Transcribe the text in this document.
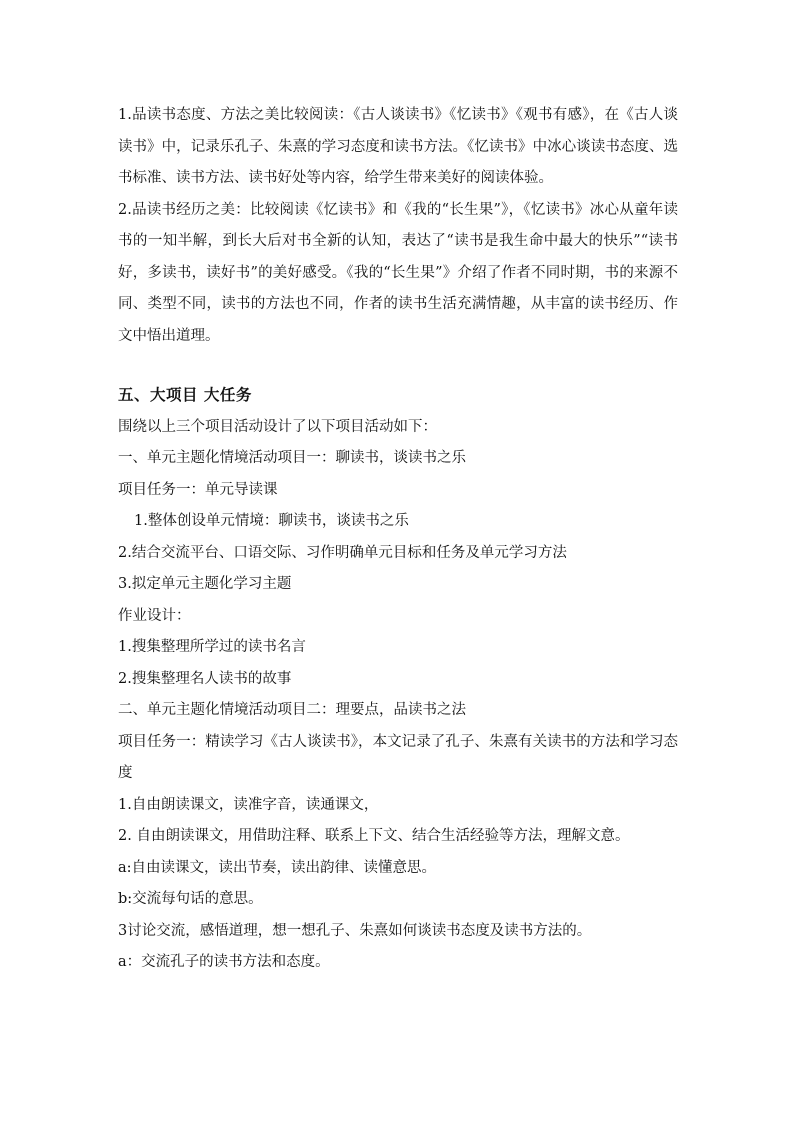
1.品读书态度、方法之美比较阅读：《古人谈读书》《忆读书》《观书有感》，在《古人谈读书》中，记录乐孔子、朱熹的学习态度和读书方法。《忆读书》中冰心谈读书态度、选书标准、读书方法、读书好处等内容，给学生带来美好的阅读体验。

2.品读书经历之美：比较阅读《忆读书》和《我的“长生果”》，《忆读书》冰心从童年读书的一知半解，到长大后对书全新的认知，表达了“读书是我生命中最大的快乐”“读书好，多读书，读好书”的美好感受。《我的“长生果”》介绍了作者不同时期，书的来源不同、类型不同，读书的方法也不同，作者的读书生活充满情趣，从丰富的读书经历、作文中悟出道理。

五、大项目 大任务

围绕以上三个项目活动设计了以下项目活动如下：

一、单元主题化情境活动项目一：聊读书，谈读书之乐

项目任务一：单元导读课

1.整体创设单元情境：聊读书，谈读书之乐

2.结合交流平台、口语交际、习作明确单元目标和任务及单元学习方法

3.拟定单元主题化学习主题

作业设计：

1.搜集整理所学过的读书名言

2.搜集整理名人读书的故事

二、单元主题化情境活动项目二：理要点，品读书之法

项目任务一：精读学习《古人谈读书》，本文记录了孔子、朱熹有关读书的方法和学习态度

1.自由朗读课文，读准字音，读通课文，

2. 自由朗读课文，用借助注释、联系上下文、结合生活经验等方法，理解文意。

a:自由读课文，读出节奏，读出韵律、读懂意思。

b:交流每句话的意思。

3讨论交流，感悟道理，想一想孔子、朱熹如何谈读书态度及读书方法的。

a：交流孔子的读书方法和态度。
